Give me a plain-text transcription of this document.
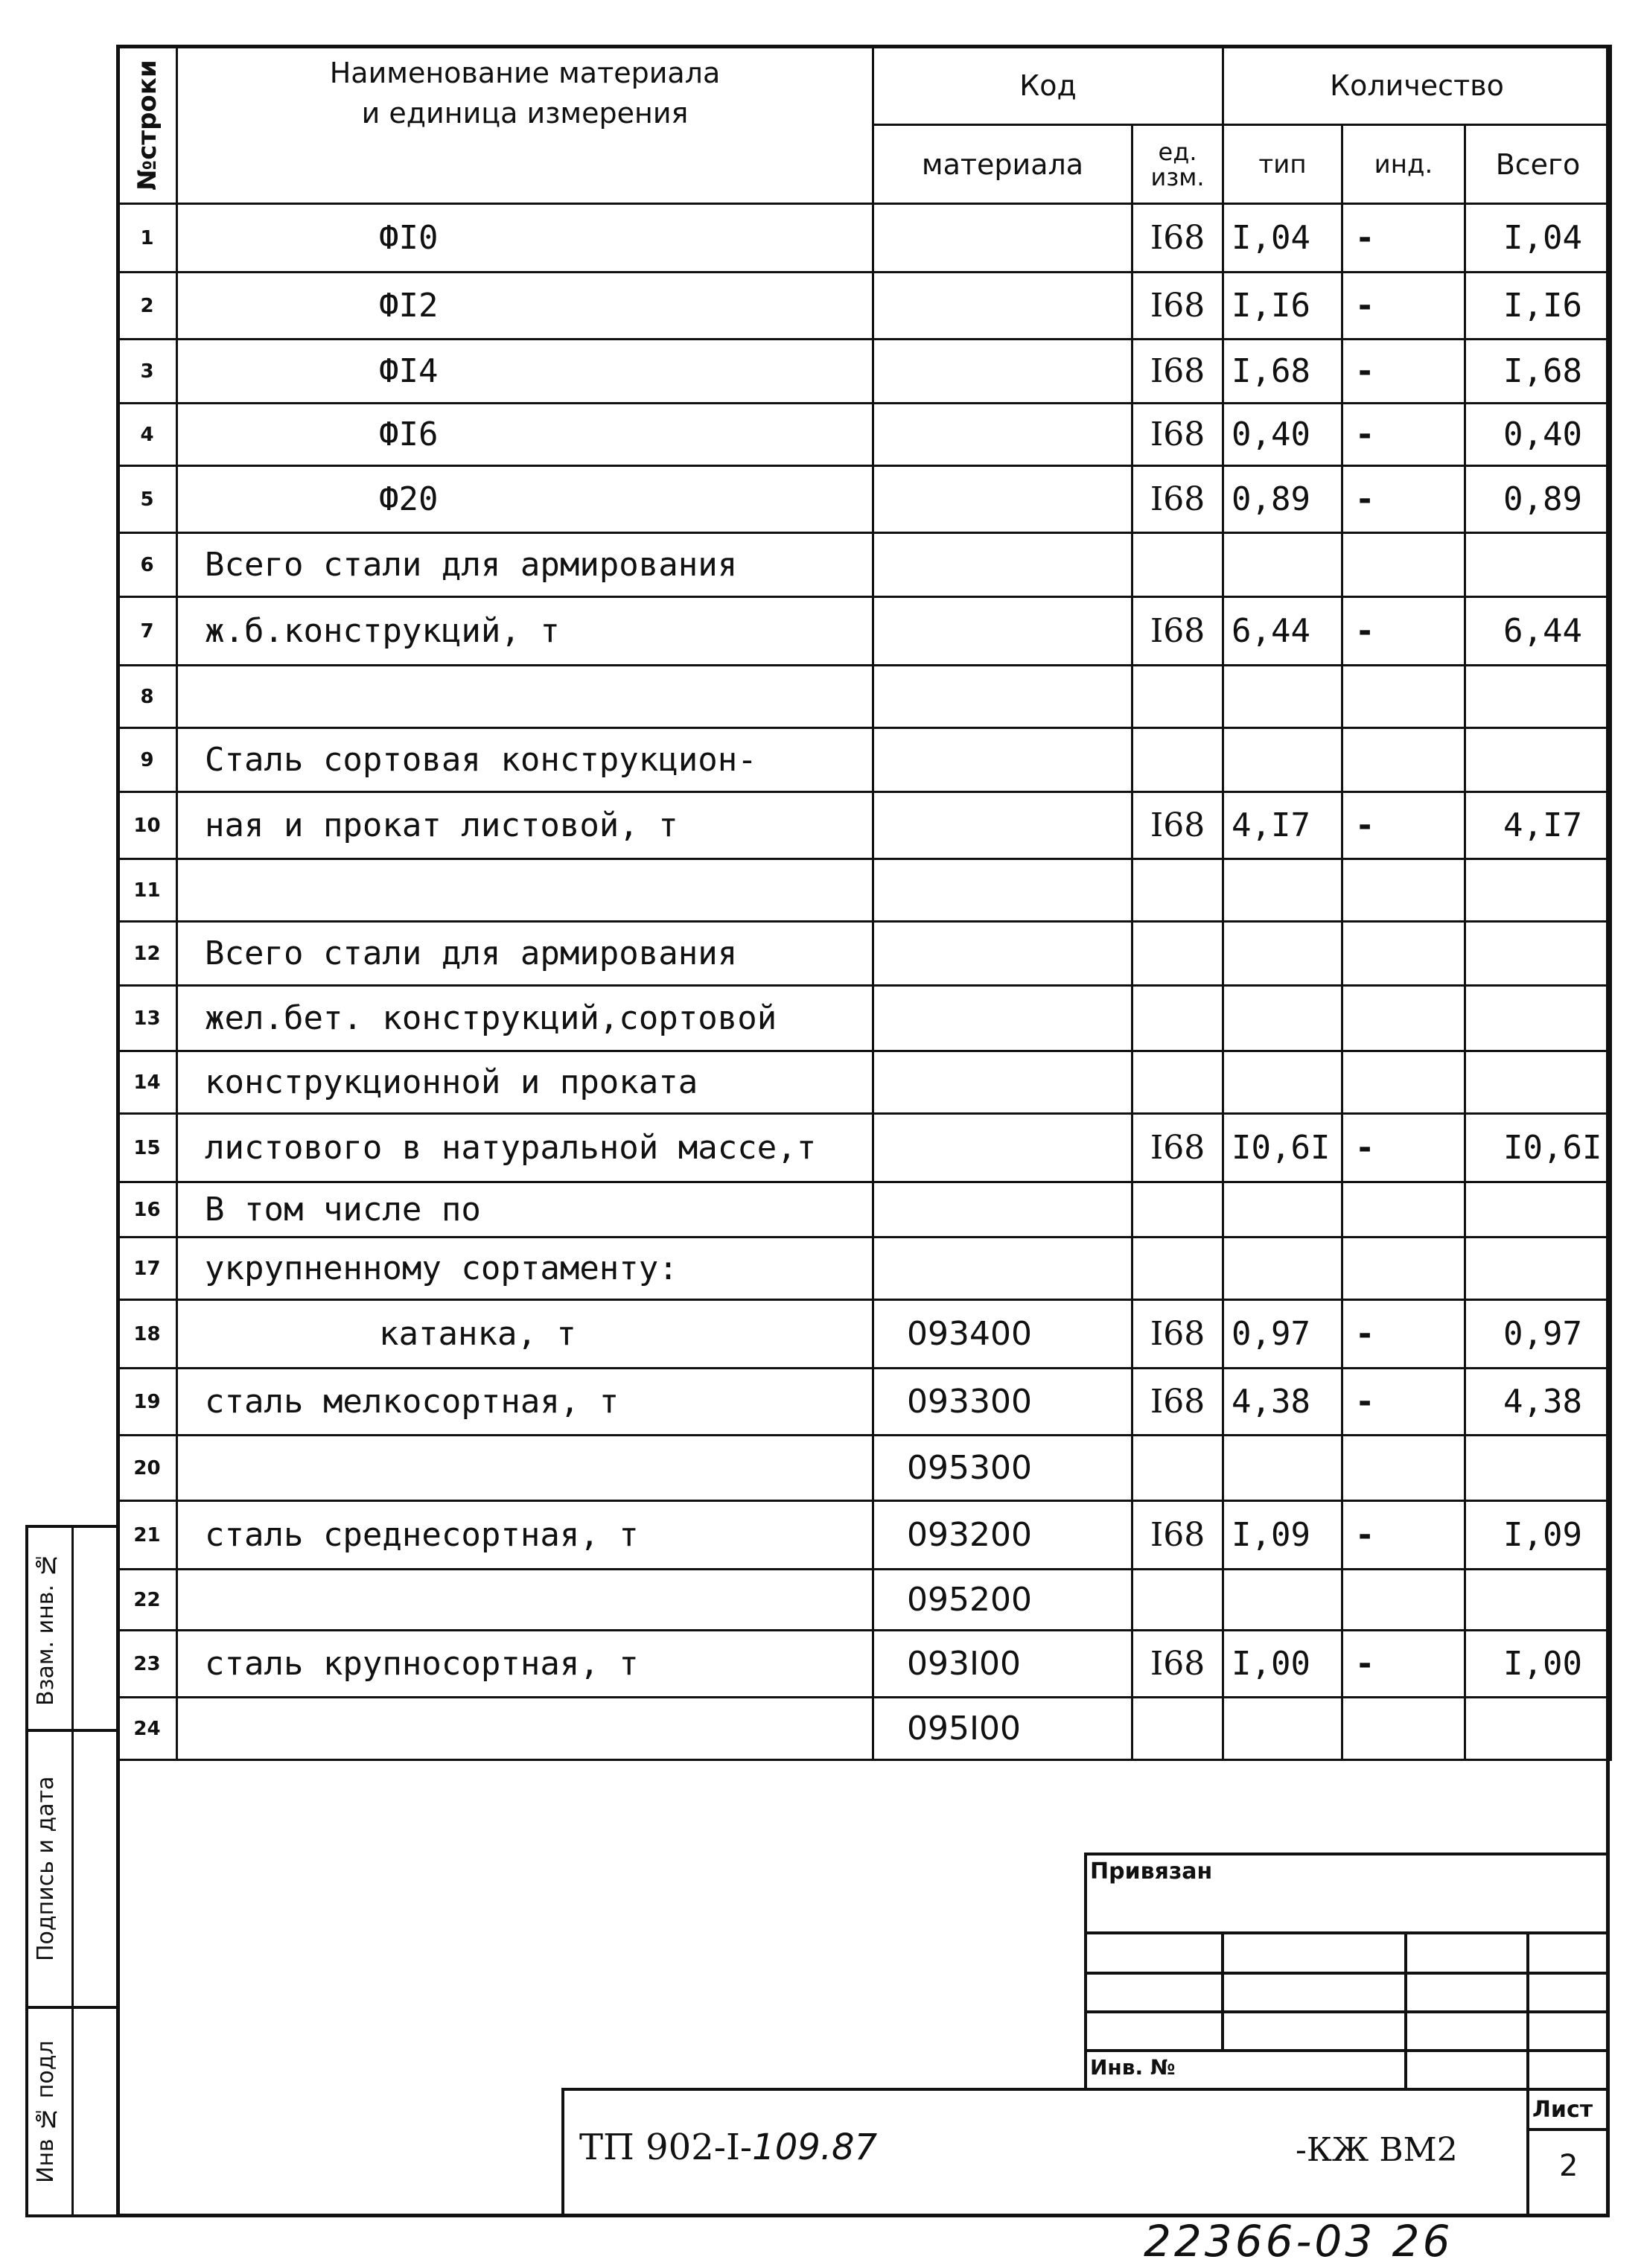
№строки	Наименование материала
и единица измерения	Код		Количество		
		материала	ед. изм.	тип	инд.	Всего
1	ФI0		I68	I,04	-	I,04
2	ФI2		I68	I,I6	-	I,I6
3	ФI4		I68	I,68	-	I,68
4	ФI6		I68	0,40	-	0,40
5	Ф20		I68	0,89	-	0,89
6	Всего стали для армирования					
7	ж.б.конструкций, т		I68	6,44	-	6,44
8						
9	Сталь сортовая конструкцион-					
10	ная и прокат листовой, т		I68	4,I7	-	4,I7
11						
12	Всего стали для армирования					
13	жел.бет. конструкций,сортовой					
14	конструкционной и проката					
15	листового в натуральной массе,т		I68	I0,6I	-	I0,6I
16	В том числе по					
17	укрупненному сортаменту:					
18	катанка, т	093400	I68	0,97	-	0,97
19	сталь мелкосортная, т	093300	I68	4,38	-	4,38
20		095300				
21	сталь среднесортная, т	093200	I68	I,09	-	I,09
22		095200				
23	сталь крупносортная, т	093I00	I68	I,00	-	I,00
24		095I00				
Взам. инв. №
Подпись и дата
Инв № подл
Привязан
Инв. №
Лист
2
ТП 902-I-109.87	-КЖ ВМ2
22366-03 26
